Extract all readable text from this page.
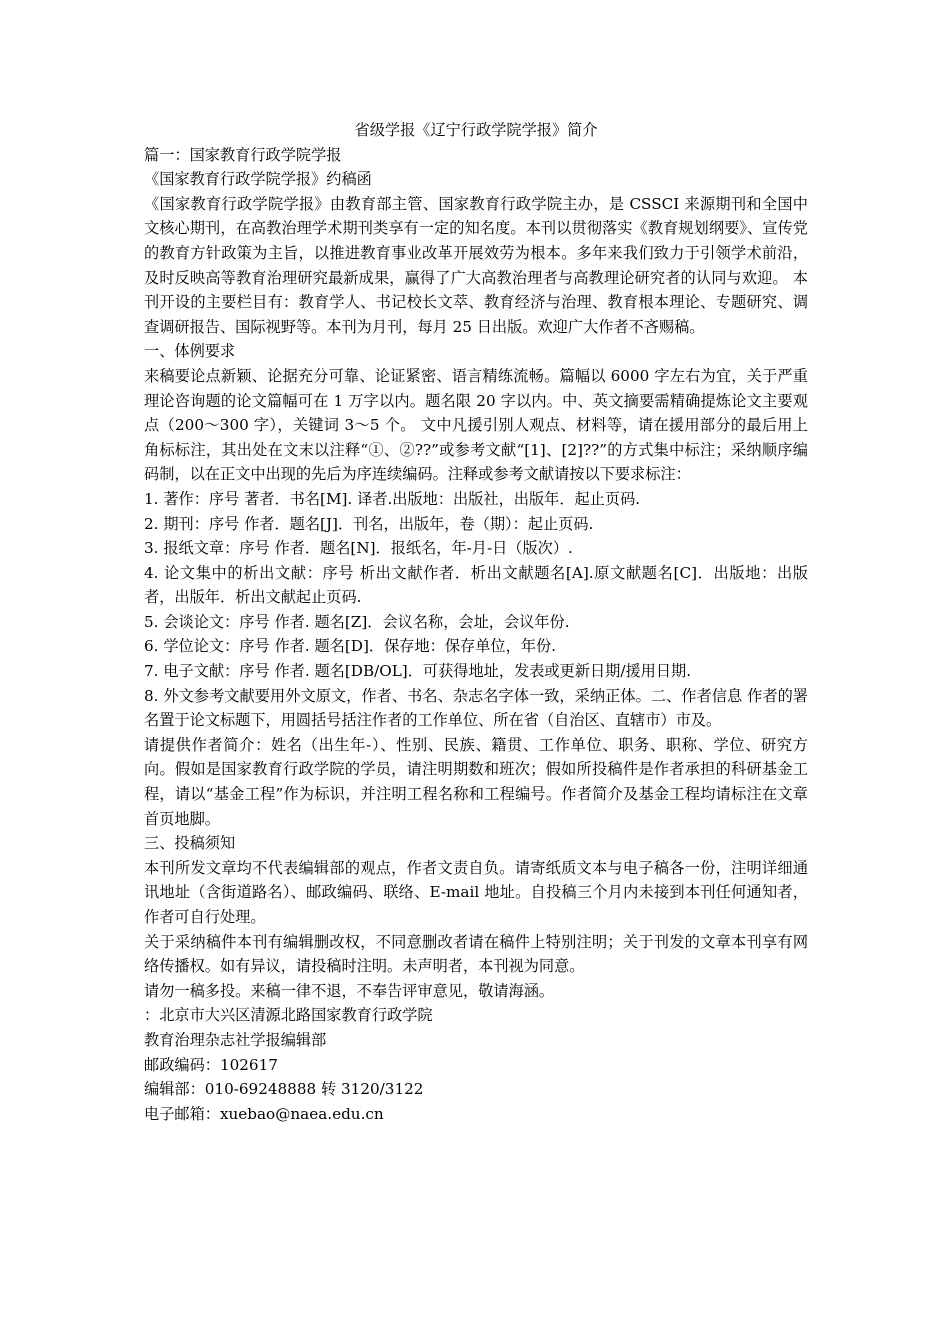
省级学报《辽宁行政学院学报》简介

篇一：国家教育行政学院学报

《国家教育行政学院学报》约稿函

《国家教育行政学院学报》由教育部主管、国家教育行政学院主办，是 CSSCI 来源期刊和全国中文核心期刊，在高教治理学术期刊类享有一定的知名度。本刊以贯彻落实《教育规划纲要》、宣传党的教育方针政策为主旨，以推进教育事业改革开展效劳为根本。多年来我们致力于引领学术前沿，及时反映高等教育治理研究最新成果，赢得了广大高教治理者与高教理论研究者的认同与欢迎。 本刊开设的主要栏目有：教育学人、书记校长文萃、教育经济与治理、教育根本理论、专题研究、调查调研报告、国际视野等。本刊为月刊，每月 25 日出版。欢迎广大作者不吝赐稿。

一、体例要求

来稿要论点新颖、论据充分可靠、论证紧密、语言精练流畅。篇幅以 6000 字左右为宜，关于严重理论咨询题的论文篇幅可在 1 万字以内。题名限 20 字以内。中、英文摘要需精确提炼论文主要观点（200～300 字），关键词 3～5 个。 文中凡援引别人观点、材料等，请在援用部分的最后用上角标标注，其出处在文末以注释“①、②??”或参考文献“[1]、[2]??”的方式集中标注；采纳顺序编码制，以在正文中出现的先后为序连续编码。注释或参考文献请按以下要求标注：

1. 著作：序号 著者．书名[M]. 译者.出版地：出版社，出版年．起止页码.

2. 期刊：序号 作者．题名[J]．刊名，出版年，卷（期）：起止页码.

3. 报纸文章：序号 作者．题名[N]．报纸名，年-月-日（版次）.

4. 论文集中的析出文献：序号 析出文献作者．析出文献题名[A].原文献题名[C]．出版地：出版者，出版年．析出文献起止页码.

5. 会谈论文：序号 作者. 题名[Z]．会议名称，会址，会议年份.

6. 学位论文：序号 作者. 题名[D]．保存地：保存单位，年份.

7. 电子文献：序号 作者. 题名[DB/OL]．可获得地址，发表或更新日期/援用日期.

8. 外文参考文献要用外文原文，作者、书名、杂志名字体一致，采纳正体。二、作者信息 作者的署名置于论文标题下，用圆括号括注作者的工作单位、所在省（自治区、直辖市）市及。

请提供作者简介：姓名（出生年-）、性别、民族、籍贯、工作单位、职务、职称、学位、研究方向。假如是国家教育行政学院的学员，请注明期数和班次；假如所投稿件是作者承担的科研基金工程，请以“基金工程”作为标识，并注明工程名称和工程编号。作者简介及基金工程均请标注在文章首页地脚。

三、投稿须知

本刊所发文章均不代表编辑部的观点，作者文责自负。请寄纸质文本与电子稿各一份，注明详细通讯地址（含街道路名）、邮政编码、联络、E-mail 地址。自投稿三个月内未接到本刊任何通知者，作者可自行处理。

关于采纳稿件本刊有编辑删改权，不同意删改者请在稿件上特别注明；关于刊发的文章本刊享有网络传播权。如有异议，请投稿时注明。未声明者，本刊视为同意。

请勿一稿多投。来稿一律不退，不奉告评审意见，敬请海涵。

：北京市大兴区清源北路国家教育行政学院

教育治理杂志社学报编辑部

邮政编码：102617

编辑部：010-69248888 转 3120/3122

电子邮箱：xuebao@naea.edu.cn
